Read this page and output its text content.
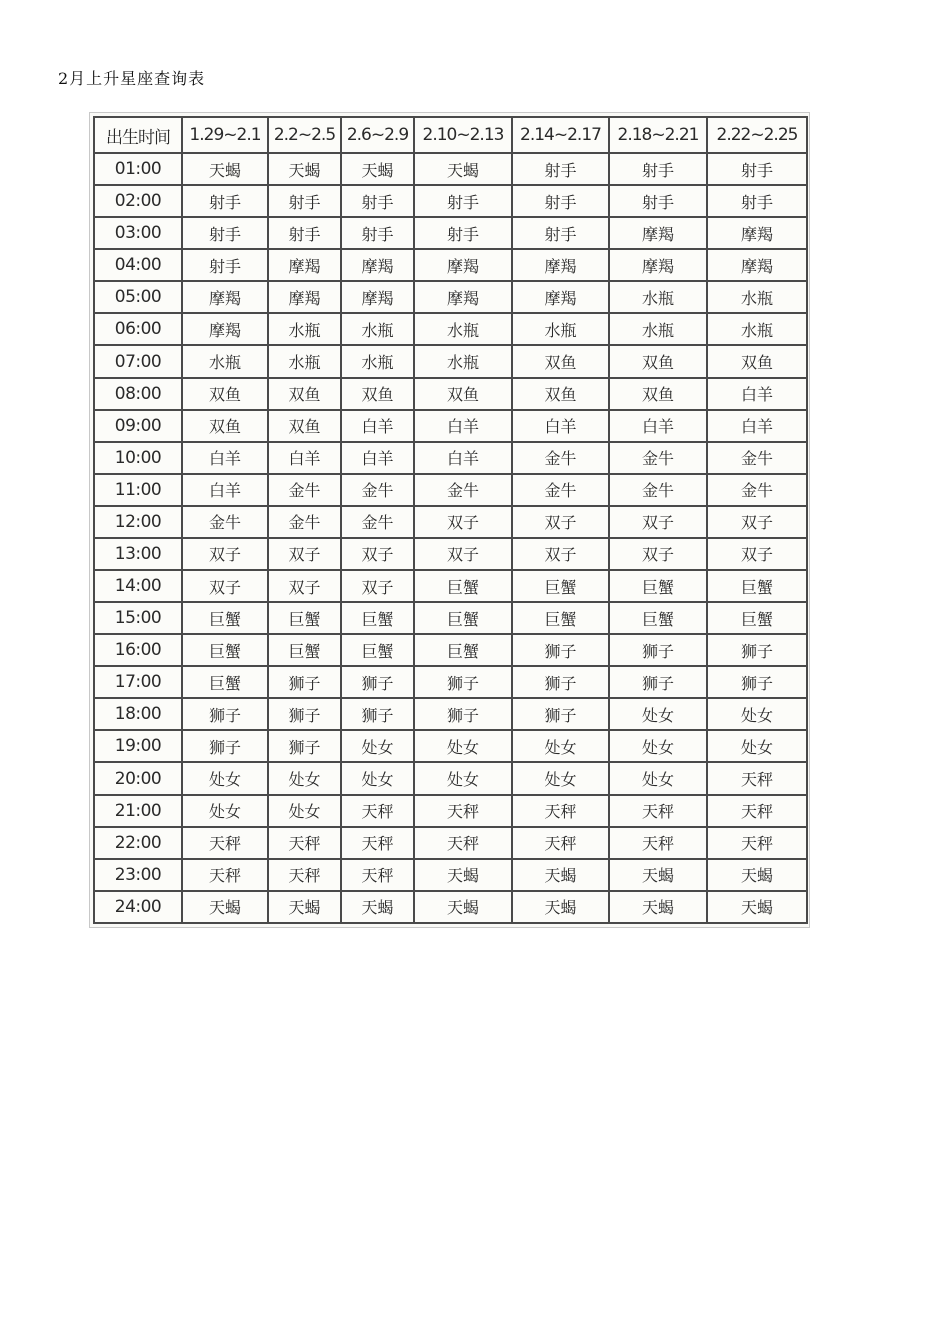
2月上升星座查询表
出生时间	1.29~2.1	2.2~2.5	2.6~2.9	2.10~2.13	2.14~2.17	2.18~2.21	2.22~2.25
01:00	天蝎	天蝎	天蝎	天蝎	射手	射手	射手
02:00	射手	射手	射手	射手	射手	射手	射手
03:00	射手	射手	射手	射手	射手	摩羯	摩羯
04:00	射手	摩羯	摩羯	摩羯	摩羯	摩羯	摩羯
05:00	摩羯	摩羯	摩羯	摩羯	摩羯	水瓶	水瓶
06:00	摩羯	水瓶	水瓶	水瓶	水瓶	水瓶	水瓶
07:00	水瓶	水瓶	水瓶	水瓶	双鱼	双鱼	双鱼
08:00	双鱼	双鱼	双鱼	双鱼	双鱼	双鱼	白羊
09:00	双鱼	双鱼	白羊	白羊	白羊	白羊	白羊
10:00	白羊	白羊	白羊	白羊	金牛	金牛	金牛
11:00	白羊	金牛	金牛	金牛	金牛	金牛	金牛
12:00	金牛	金牛	金牛	双子	双子	双子	双子
13:00	双子	双子	双子	双子	双子	双子	双子
14:00	双子	双子	双子	巨蟹	巨蟹	巨蟹	巨蟹
15:00	巨蟹	巨蟹	巨蟹	巨蟹	巨蟹	巨蟹	巨蟹
16:00	巨蟹	巨蟹	巨蟹	巨蟹	狮子	狮子	狮子
17:00	巨蟹	狮子	狮子	狮子	狮子	狮子	狮子
18:00	狮子	狮子	狮子	狮子	狮子	处女	处女
19:00	狮子	狮子	处女	处女	处女	处女	处女
20:00	处女	处女	处女	处女	处女	处女	天秤
21:00	处女	处女	天秤	天秤	天秤	天秤	天秤
22:00	天秤	天秤	天秤	天秤	天秤	天秤	天秤
23:00	天秤	天秤	天秤	天蝎	天蝎	天蝎	天蝎
24:00	天蝎	天蝎	天蝎	天蝎	天蝎	天蝎	天蝎
